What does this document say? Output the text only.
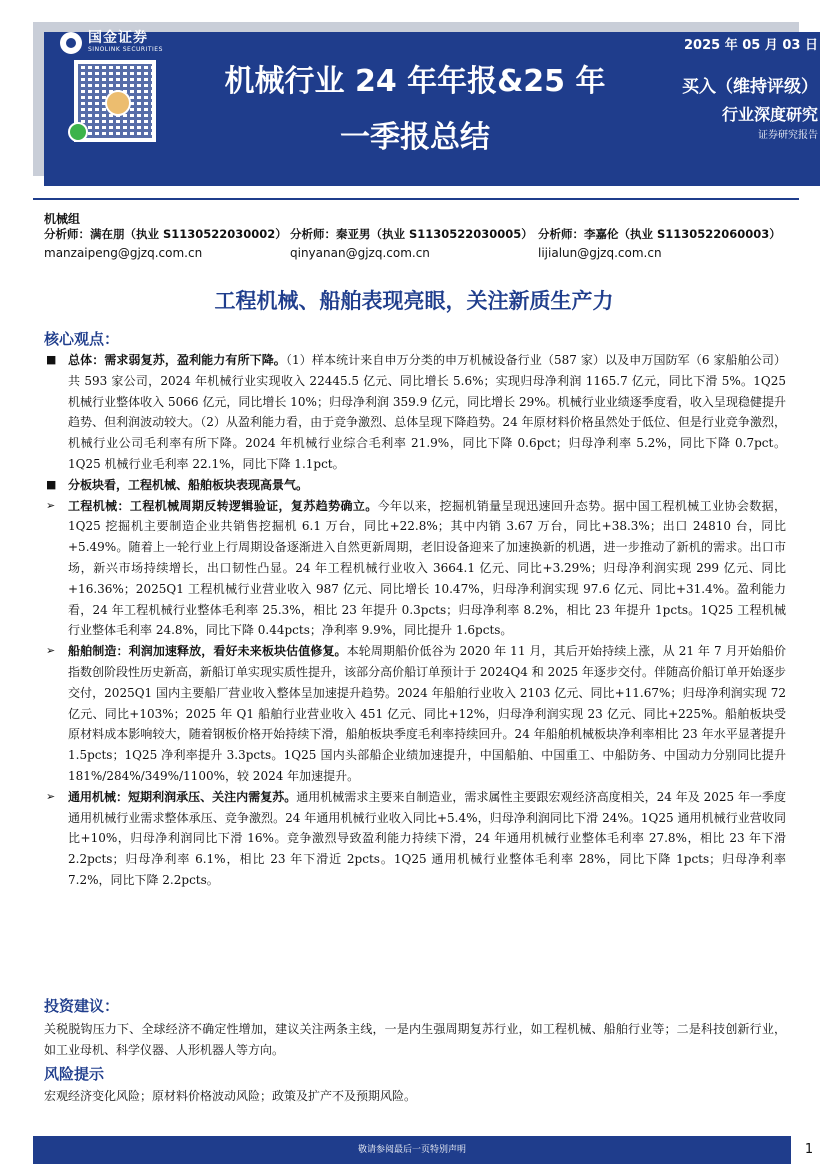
国金证券
SINOLINK SECURITIES
机械行业 24 年年报&25 年
一季报总结
2025 年 05 月 03 日
买入（维持评级）
行业深度研究
证券研究报告
机械组
分析师：满在朋（执业 S1130522030002）
manzaipeng@gjzq.com.cn
分析师：秦亚男（执业 S1130522030005）
qinyanan@gjzq.com.cn
分析师：李嘉伦（执业 S1130522060003）
lijialun@gjzq.com.cn
工程机械、船舶表现亮眼，关注新质生产力
核心观点：
■ 总体：需求弱复苏，盈利能力有所下降。（1）样本统计来自申万分类的申万机械设备行业（587 家）以及申万国防军（6 家船舶公司）共 593 家公司，2024 年机械行业实现收入 22445.5 亿元、同比增长 5.6%；实现归母净利润 1165.7 亿元，同比下滑 5%。1Q25 机械行业整体收入 5066 亿元，同比增长 10%；归母净利润 359.9 亿元，同比增长 29%。机械行业业绩逐季度看，收入呈现稳健提升趋势、但利润波动较大。（2）从盈利能力看，由于竞争激烈、总体呈现下降趋势。24 年原材料价格虽然处于低位、但是行业竞争激烈，机械行业公司毛利率有所下降。2024 年机械行业综合毛利率 21.9%，同比下降 0.6pct；归母净利率 5.2%，同比下降 0.7pct。1Q25 机械行业毛利率 22.1%，同比下降 1.1pct。
■ 分板块看，工程机械、船舶板块表现高景气。
➢ 工程机械：工程机械周期反转逻辑验证，复苏趋势确立。今年以来，挖掘机销量呈现迅速回升态势。据中国工程机械工业协会数据，1Q25 挖掘机主要制造企业共销售挖掘机 6.1 万台，同比+22.8%；其中内销 3.67 万台，同比+38.3%；出口 24810 台，同比+5.49%。随着上一轮行业上行周期设备逐渐进入自然更新周期，老旧设备迎来了加速换新的机遇，进一步推动了新机的需求。出口市场，新兴市场持续增长，出口韧性凸显。24 年工程机械行业收入 3664.1 亿元、同比+3.29%；归母净利润实现 299 亿元、同比+16.36%；2025Q1 工程机械行业营业收入 987 亿元、同比增长 10.47%，归母净利润实现 97.6 亿元、同比+31.4%。盈利能力看，24 年工程机械行业整体毛利率 25.3%，相比 23 年提升 0.3pcts；归母净利率 8.2%，相比 23 年提升 1pcts。1Q25 工程机械行业整体毛利率 24.8%，同比下降 0.44pcts；净利率 9.9%，同比提升 1.6pcts。
➢ 船舶制造：利润加速释放，看好未来板块估值修复。本轮周期船价低谷为 2020 年 11 月，其后开始持续上涨，从 21 年 7 月开始船价指数创阶段性历史新高，新船订单实现实质性提升，该部分高价船订单预计于 2024Q4 和 2025 年逐步交付。伴随高价船订单开始逐步交付，2025Q1 国内主要船厂营业收入整体呈加速提升趋势。2024 年船舶行业收入 2103 亿元、同比+11.67%；归母净利润实现 72 亿元、同比+103%；2025 年 Q1 船舶行业营业收入 451 亿元、同比+12%，归母净利润实现 23 亿元、同比+225%。船舶板块受原材料成本影响较大，随着钢板价格开始持续下滑，船舶板块季度毛利率持续回升。24 年船舶机械板块净利率相比 23 年水平显著提升 1.5pcts；1Q25 净利率提升 3.3pcts。1Q25 国内头部船企业绩加速提升，中国船舶、中国重工、中船防务、中国动力分别同比提升 181%/284%/349%/1100%，较 2024 年加速提升。
➢ 通用机械：短期利润承压、关注内需复苏。通用机械需求主要来自制造业，需求属性主要跟宏观经济高度相关，24 年及 2025 年一季度通用机械行业需求整体承压、竞争激烈。24 年通用机械行业收入同比+5.4%，归母净利润同比下滑 24%。1Q25 通用机械行业营收同比+10%，归母净利润同比下滑 16%。竞争激烈导致盈利能力持续下滑，24 年通用机械行业整体毛利率 27.8%，相比 23 年下滑 2.2pcts；归母净利率 6.1%，相比 23 年下滑近 2pcts。1Q25 通用机械行业整体毛利率 28%，同比下降 1pcts；归母净利率 7.2%，同比下降 2.2pcts。
投资建议：
关税脱钩压力下、全球经济不确定性增加，建议关注两条主线，一是内生强周期复苏行业，如工程机械、船舶行业等；二是科技创新行业，如工业母机、科学仪器、人形机器人等方向。
风险提示
宏观经济变化风险；原材料价格波动风险；政策及扩产不及预期风险。
敬请参阅最后一页特别声明	1
